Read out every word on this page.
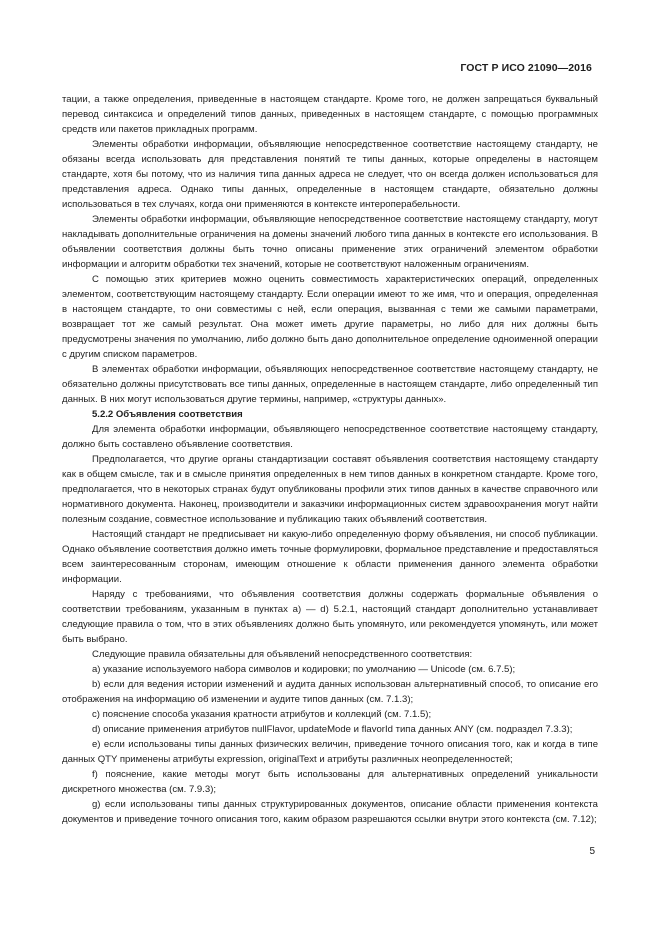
ГОСТ Р ИСО 21090—2016

тации, а также определения, приведенные в настоящем стандарте. Кроме того, не должен запрещаться буквальный перевод синтаксиса и определений типов данных, приведенных в настоящем стандарте, с помощью программных средств или пакетов прикладных программ.

Элементы обработки информации, объявляющие непосредственное соответствие настоящему стандарту, не обязаны всегда использовать для представления понятий те типы данных, которые определены в настоящем стандарте, хотя бы потому, что из наличия типа данных адреса не следует, что он всегда должен использоваться для представления адреса. Однако типы данных, определенные в настоящем стандарте, обязательно должны использоваться в тех случаях, когда они применяются в контексте интероперабельности.

Элементы обработки информации, объявляющие непосредственное соответствие настоящему стандарту, могут накладывать дополнительные ограничения на домены значений любого типа данных в контексте его использования. В объявлении соответствия должны быть точно описаны применение этих ограничений элементом обработки информации и алгоритм обработки тех значений, которые не соответствуют наложенным ограничениям.

С помощью этих критериев можно оценить совместимость характеристических операций, определенных элементом, соответствующим настоящему стандарту. Если операции имеют то же имя, что и операция, определенная в настоящем стандарте, то они совместимы с ней, если операция, вызванная с теми же самыми параметрами, возвращает тот же самый результат. Она может иметь другие параметры, но либо для них должны быть предусмотрены значения по умолчанию, либо должно быть дано дополнительное определение одноименной операции с другим списком параметров.

В элементах обработки информации, объявляющих непосредственное соответствие настоящему стандарту, не обязательно должны присутствовать все типы данных, определенные в настоящем стандарте, либо определенный тип данных. В них могут использоваться другие термины, например, «структуры данных».

5.2.2 Объявления соответствия

Для элемента обработки информации, объявляющего непосредственное соответствие настоящему стандарту, должно быть составлено объявление соответствия.

Предполагается, что другие органы стандартизации составят объявления соответствия настоящему стандарту как в общем смысле, так и в смысле принятия определенных в нем типов данных в конкретном стандарте. Кроме того, предполагается, что в некоторых странах будут опубликованы профили этих типов данных в качестве справочного или нормативного документа. Наконец, производители и заказчики информационных систем здравоохранения могут найти полезным создание, совместное использование и публикацию таких объявлений соответствия.

Настоящий стандарт не предписывает ни какую-либо определенную форму объявления, ни способ публикации. Однако объявление соответствия должно иметь точные формулировки, формальное представление и предоставляться всем заинтересованным сторонам, имеющим отношение к области применения данного элемента обработки информации.

Наряду с требованиями, что объявления соответствия должны содержать формальные объявления о соответствии требованиям, указанным в пунктах a) — d) 5.2.1, настоящий стандарт дополнительно устанавливает следующие правила о том, что в этих объявлениях должно быть упомянуто, или рекомендуется упомянуть, или может быть выбрано.

Следующие правила обязательны для объявлений непосредственного соответствия:

a) указание используемого набора символов и кодировки; по умолчанию — Unicode (см. 6.7.5);

b) если для ведения истории изменений и аудита данных использован альтернативный способ, то описание его отображения на информацию об изменении и аудите типов данных (см. 7.1.3);

c) пояснение способа указания кратности атрибутов и коллекций (см. 7.1.5);

d) описание применения атрибутов nullFlavor, updateMode и flavorId типа данных ANY (см. подраздел 7.3.3);

e) если использованы типы данных физических величин, приведение точного описания того, как и когда в типе данных QTY применены атрибуты expression, originalText и атрибуты различных неопределенностей;

f) пояснение, какие методы могут быть использованы для альтернативных определений уникальности дискретного множества (см. 7.9.3);

g) если использованы типы данных структурированных документов, описание области применения контекста документов и приведение точного описания того, каким образом разрешаются ссылки внутри этого контекста (см. 7.12);

5
